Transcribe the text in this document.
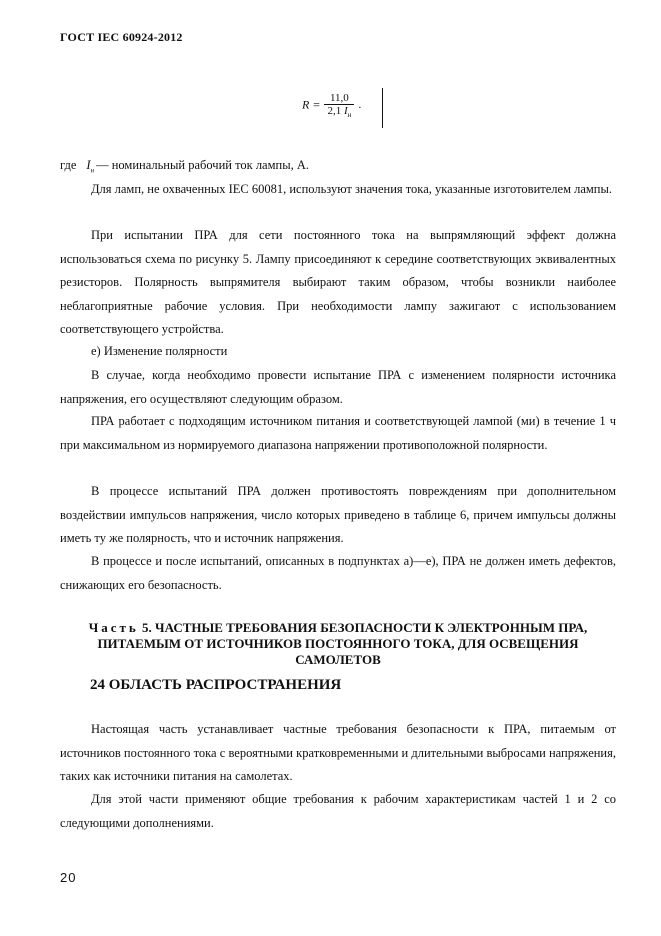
ГОСТ IEC 60924-2012
$R = \frac{11,0}{2,1 I_н}$ .
где $I_н$ — номинальный рабочий ток лампы, А.
Для ламп, не охваченных IEC 60081, используют значения тока, указанные изготовителем лампы.
При испытании ПРА для сети постоянного тока на выпрямляющий эффект должна использоваться схема по рисунку 5. Лампу присоединяют к середине соответствующих эквивалентных резисторов. Полярность выпрямителя выбирают таким образом, чтобы возникли наиболее неблагоприятные рабочие условия. При необходимости лампу зажигают с использованием соответствующего устройства.
е) Изменение полярности
В случае, когда необходимо провести испытание ПРА с изменением полярности источника напряжения, его осуществляют следующим образом.
ПРА работает с подходящим источником питания и соответствующей лампой (ми) в течение 1 ч при максимальном из нормируемого диапазона напряжении противоположной полярности.
В процессе испытаний ПРА должен противостоять повреждениям при дополнительном воздействии импульсов напряжения, число которых приведено в таблице 6, причем импульсы должны иметь ту же полярность, что и источник напряжения.
В процессе и после испытаний, описанных в подпунктах а)—е), ПРА не должен иметь дефектов, снижающих его безопасность.
Часть 5. ЧАСТНЫЕ ТРЕБОВАНИЯ БЕЗОПАСНОСТИ К ЭЛЕКТРОННЫМ ПРА,
ПИТАЕМЫМ ОТ ИСТОЧНИКОВ ПОСТОЯННОГО ТОКА, ДЛЯ ОСВЕЩЕНИЯ
САМОЛЕТОВ
24 ОБЛАСТЬ РАСПРОСТРАНЕНИЯ
Настоящая часть устанавливает частные требования безопасности к ПРА, питаемым от источников постоянного тока с вероятными кратковременными и длительными выбросами напряжения, таких как источники питания на самолетах.
Для этой части применяют общие требования к рабочим характеристикам частей 1 и 2 со следующими дополнениями.
20
